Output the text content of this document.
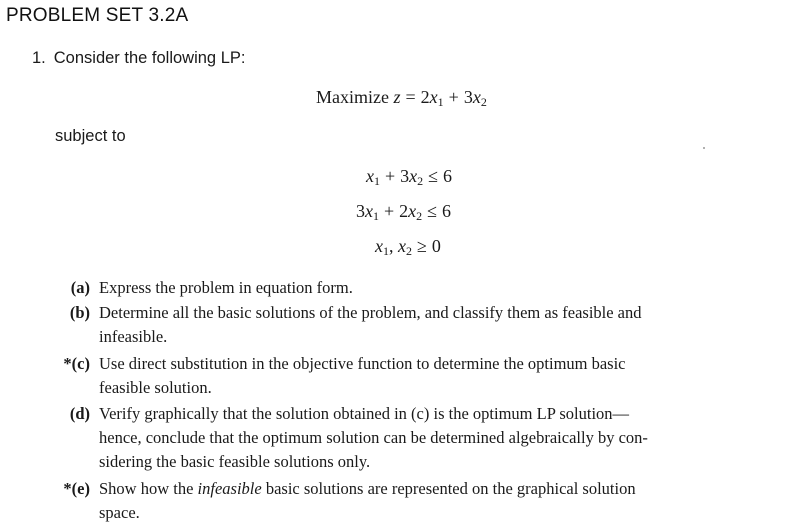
PROBLEM SET 3.2A
1. Consider the following LP:
Maximize $z = 2x_1 + 3x_2$
subject to
$x_1 + 3x_2 \le 6$
$3x_1 + 2x_2 \le 6$
$x_1$, $x_2 \ge 0$
(a) Express the problem in equation form.
(b) Determine all the basic solutions of the problem, and classify them as feasible and
infeasible.
*(c) Use direct substitution in the objective function to determine the optimum basic
feasible solution.
(d) Verify graphically that the solution obtained in (c) is the optimum LP solution—
hence, conclude that the optimum solution can be determined algebraically by con-
sidering the basic feasible solutions only.
*(e) Show how the infeasible basic solutions are represented on the graphical solution
space.
